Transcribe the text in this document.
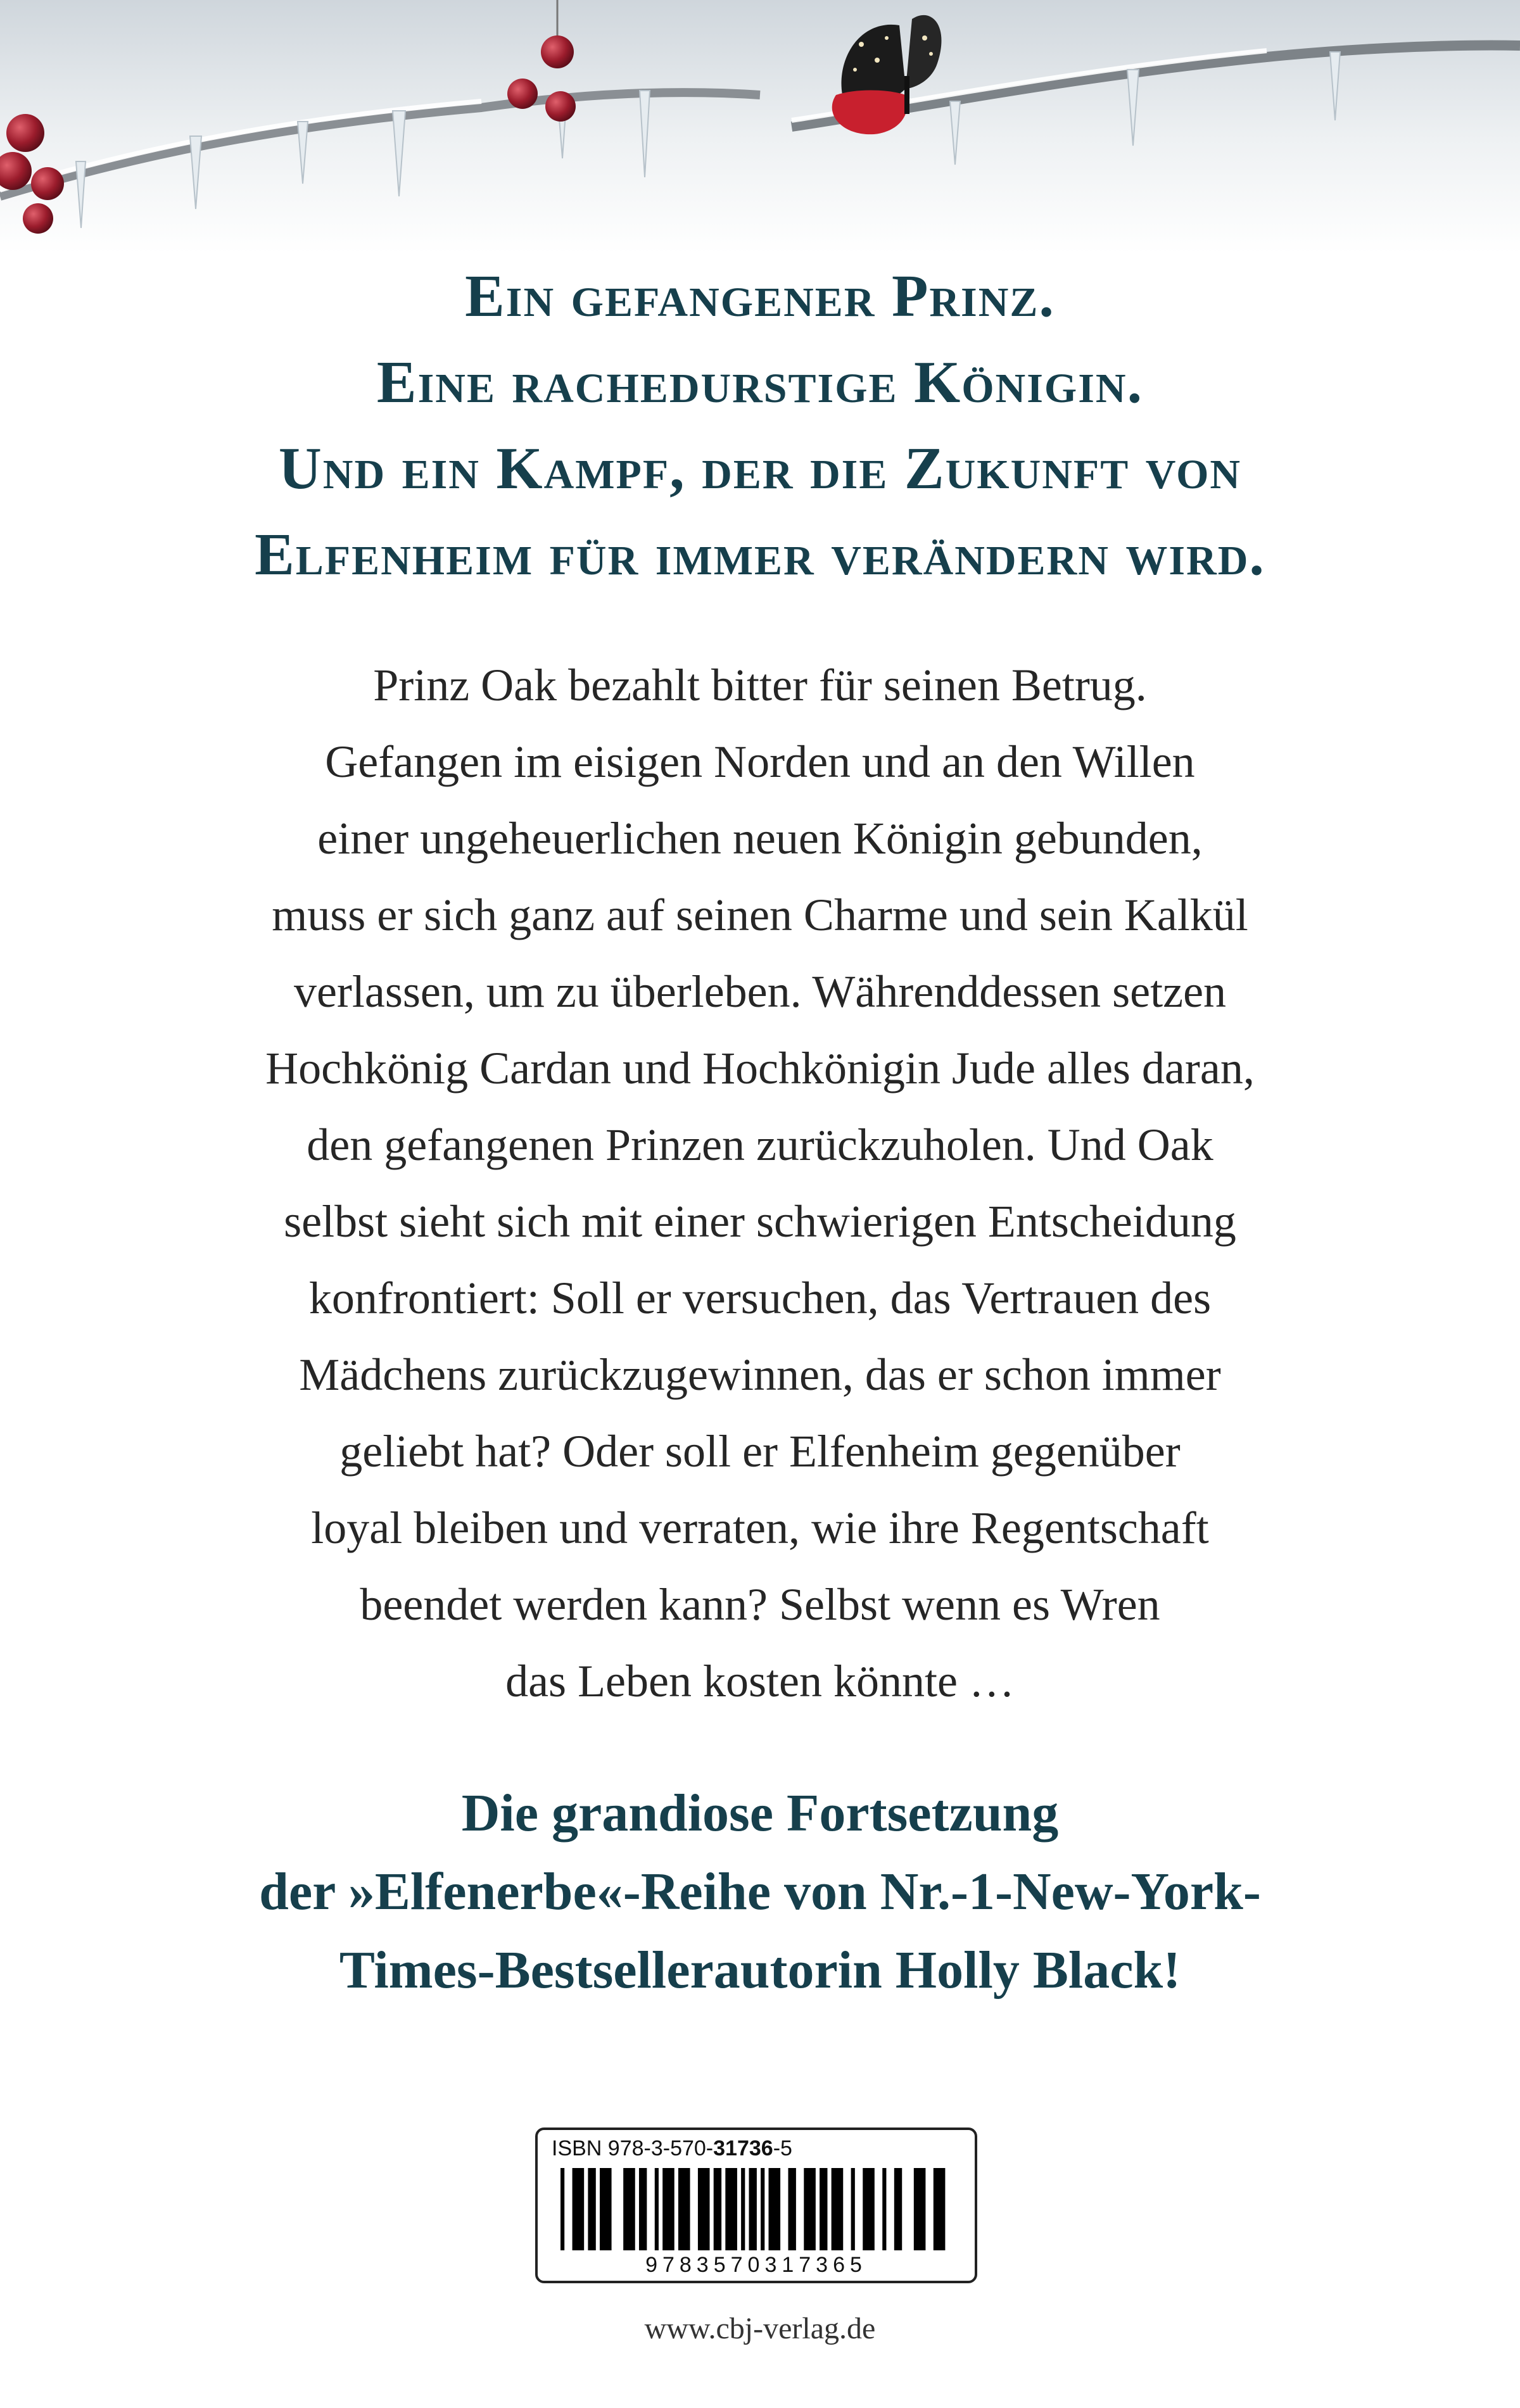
Ein gefangener Prinz.
Eine rachedurstige Königin.
Und ein Kampf, der die Zukunft von
Elfenheim für immer verändern wird.
Prinz Oak bezahlt bitter für seinen Betrug.
Gefangen im eisigen Norden und an den Willen
einer ungeheuerlichen neuen Königin gebunden,
muss er sich ganz auf seinen Charme und sein Kalkül
verlassen, um zu überleben. Währenddessen setzen
Hochkönig Cardan und Hochkönigin Jude alles daran,
den gefangenen Prinzen zurückzuholen. Und Oak
selbst sieht sich mit einer schwierigen Entscheidung
konfrontiert: Soll er versuchen, das Vertrauen des
Mädchens zurückzugewinnen, das er schon immer
geliebt hat? Oder soll er Elfenheim gegenüber
loyal bleiben und verraten, wie ihre Regentschaft
beendet werden kann? Selbst wenn es Wren
das Leben kosten könnte …
Die grandiose Fortsetzung
der »Elfenerbe«-Reihe von Nr.-1-New-York-
Times-Bestsellerautorin Holly Black!
ISBN 978-3-570-31736-5
9783570317365
www.cbj-verlag.de
